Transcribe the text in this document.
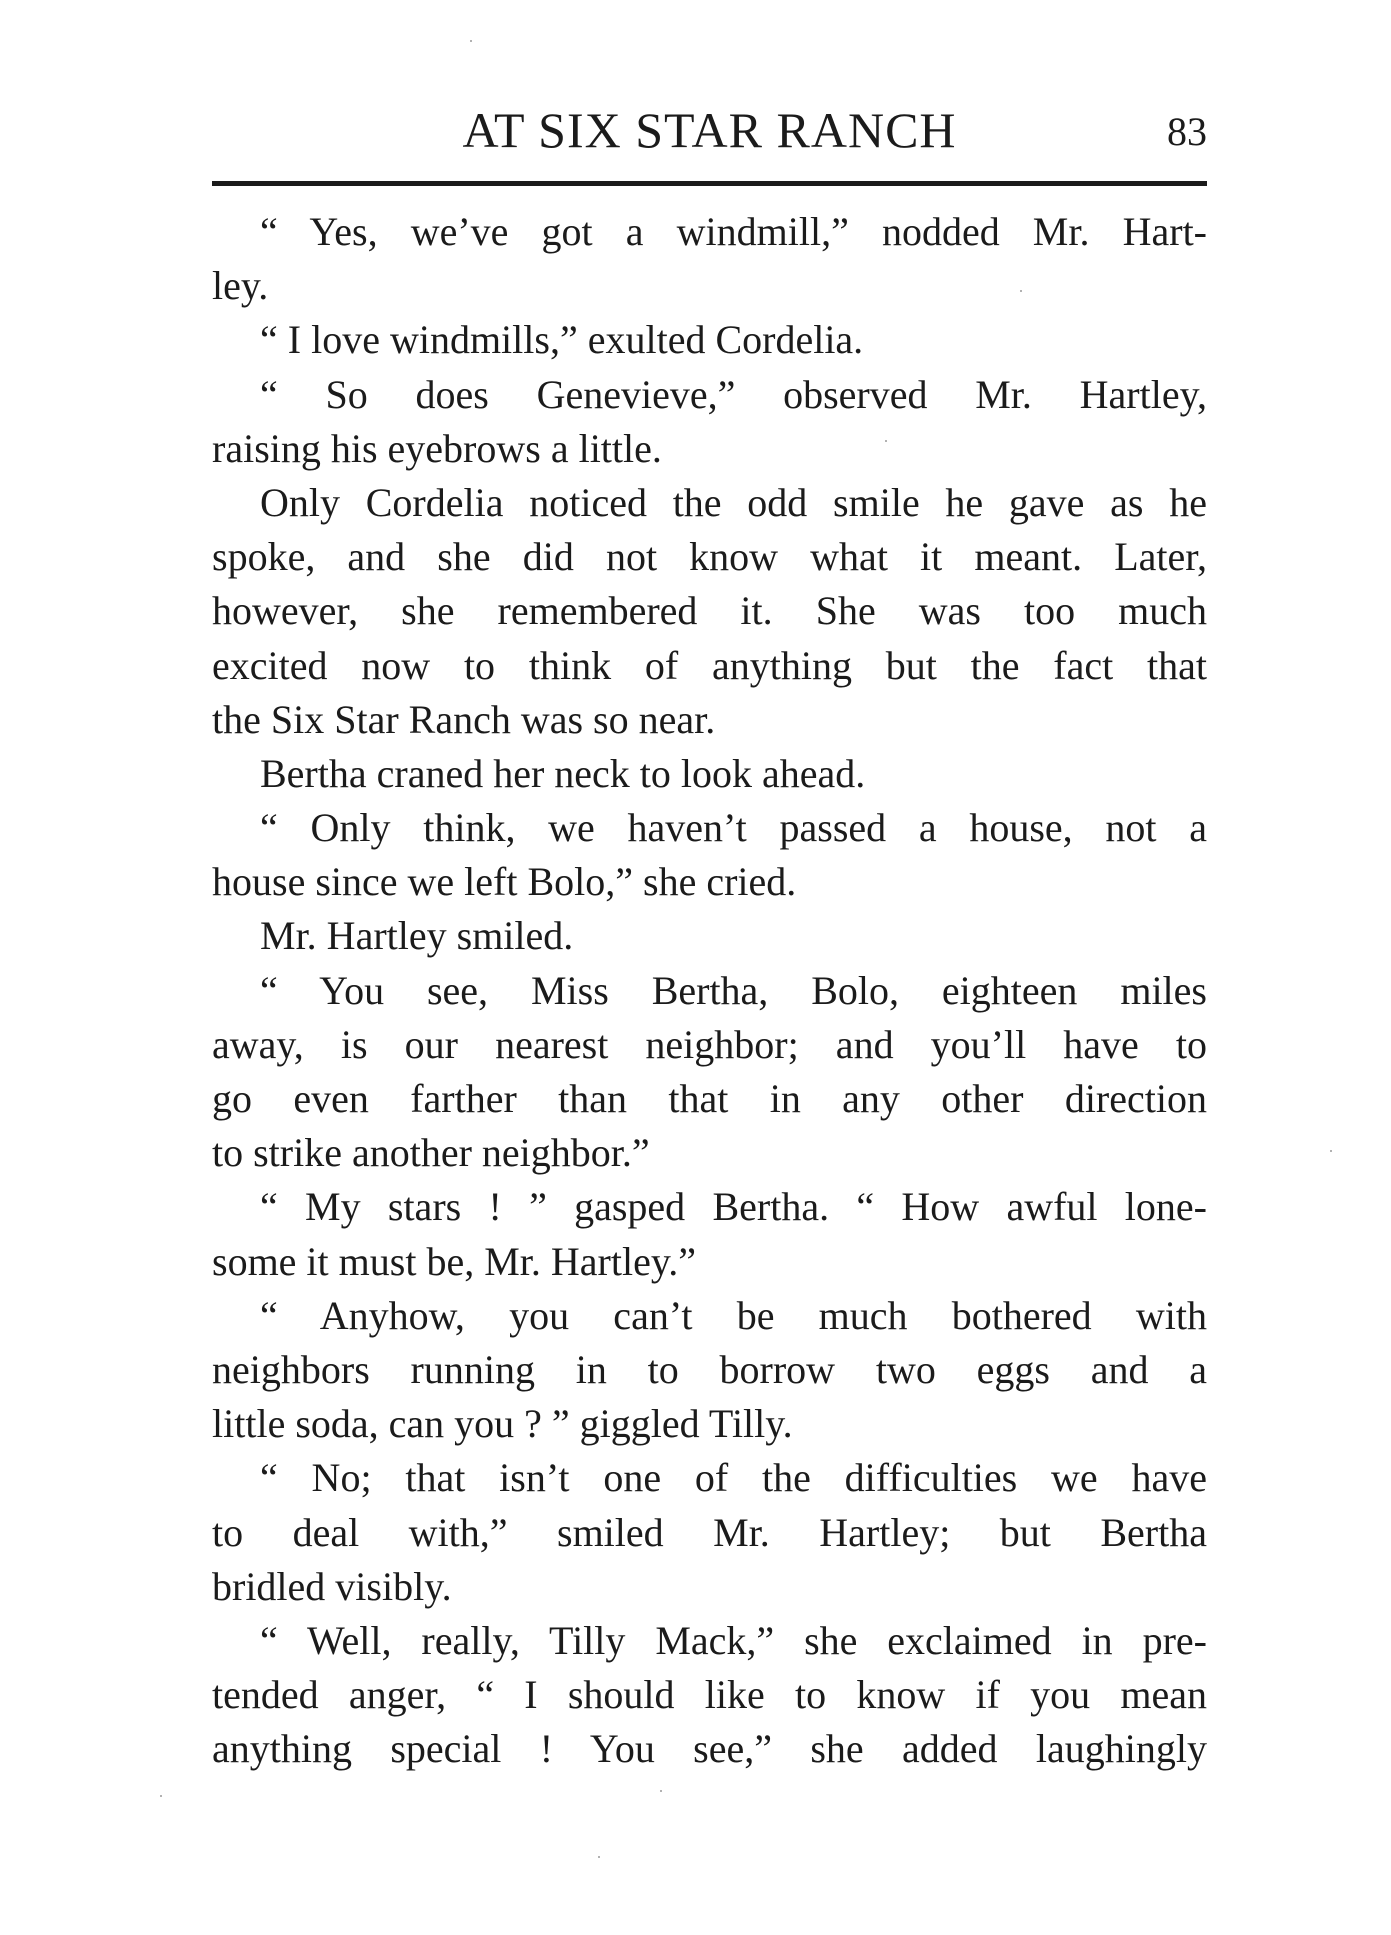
AT SIX STAR RANCH	83
“ Yes, we’ve got a windmill,” nodded Mr. Hart-
ley.
“ I love windmills,” exulted Cordelia.
“ So does Genevieve,” observed Mr. Hartley,
raising his eyebrows a little.
Only Cordelia noticed the odd smile he gave as he
spoke, and she did not know what it meant. Later,
however, she remembered it. She was too much
excited now to think of anything but the fact that
the Six Star Ranch was so near.
Bertha craned her neck to look ahead.
“ Only think, we haven’t passed a house, not a
house since we left Bolo,” she cried.
Mr. Hartley smiled.
“ You see, Miss Bertha, Bolo, eighteen miles
away, is our nearest neighbor; and you’ll have to
go even farther than that in any other direction
to strike another neighbor.”
“ My stars ! ” gasped Bertha. “ How awful lone-
some it must be, Mr. Hartley.”
“ Anyhow, you can’t be much bothered with
neighbors running in to borrow two eggs and a
little soda, can you ? ” giggled Tilly.
“ No; that isn’t one of the difficulties we have
to deal with,” smiled Mr. Hartley; but Bertha
bridled visibly.
“ Well, really, Tilly Mack,” she exclaimed in pre-
tended anger, “ I should like to know if you mean
anything special ! You see,” she added laughingly
